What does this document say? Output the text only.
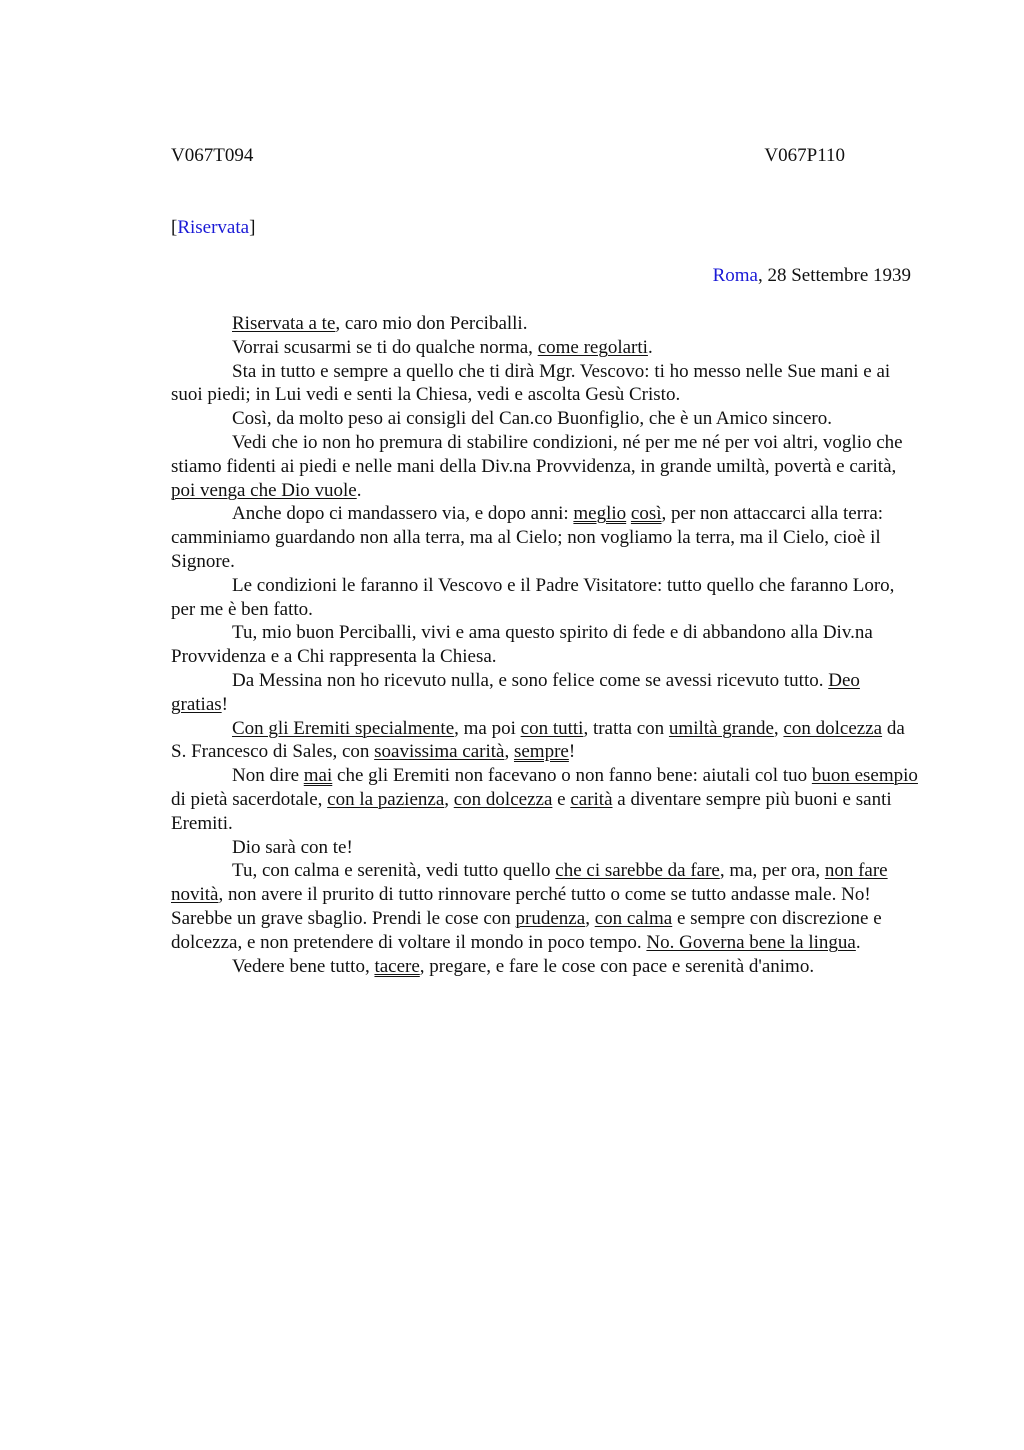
V067T094	V067P110
[Riservata]
Roma, 28 Settembre 1939

Riservata a te, caro mio don Perciballi.

Vorrai scusarmi se ti do qualche norma, come regolarti.

Sta in tutto e sempre a quello che ti dirà Mgr. Vescovo: ti ho messo nelle Sue mani e ai suoi piedi; in Lui vedi e senti la Chiesa, vedi e ascolta Gesù Cristo.

Così, da molto peso ai consigli del Can.co Buonfiglio, che è un Amico sincero.

Vedi che io non ho premura di stabilire condizioni, né per me né per voi altri, voglio che stiamo fidenti ai piedi e nelle mani della Div.na Provvidenza, in grande umiltà, povertà e carità, poi venga che Dio vuole.

Anche dopo ci mandassero via, e dopo anni: meglio così, per non attaccarci alla terra: camminiamo guardando non alla terra, ma al Cielo; non vogliamo la terra, ma il Cielo, cioè il Signore.

Le condizioni le faranno il Vescovo e il Padre Visitatore: tutto quello che faranno Loro, per me è ben fatto.

Tu, mio buon Perciballi, vivi e ama questo spirito di fede e di abbandono alla Div.na Provvidenza e a Chi rappresenta la Chiesa.

Da Messina non ho ricevuto nulla, e sono felice come se avessi ricevuto tutto. Deo gratias!

Con gli Eremiti specialmente, ma poi con tutti, tratta con umiltà grande, con dolcezza da S. Francesco di Sales, con soavissima carità, sempre!

Non dire mai che gli Eremiti non facevano o non fanno bene: aiutali col tuo buon esempio di pietà sacerdotale, con la pazienza, con dolcezza e carità a diventare sempre più buoni e santi Eremiti.

Dio sarà con te!

Tu, con calma e serenità, vedi tutto quello che ci sarebbe da fare, ma, per ora, non fare novità, non avere il prurito di tutto rinnovare perché tutto o come se tutto andasse male. No! Sarebbe un grave sbaglio. Prendi le cose con prudenza, con calma e sempre con discrezione e dolcezza, e non pretendere di voltare il mondo in poco tempo. No. Governa bene la lingua.

Vedere bene tutto, tacere, pregare, e fare le cose con pace e serenità d'animo.
